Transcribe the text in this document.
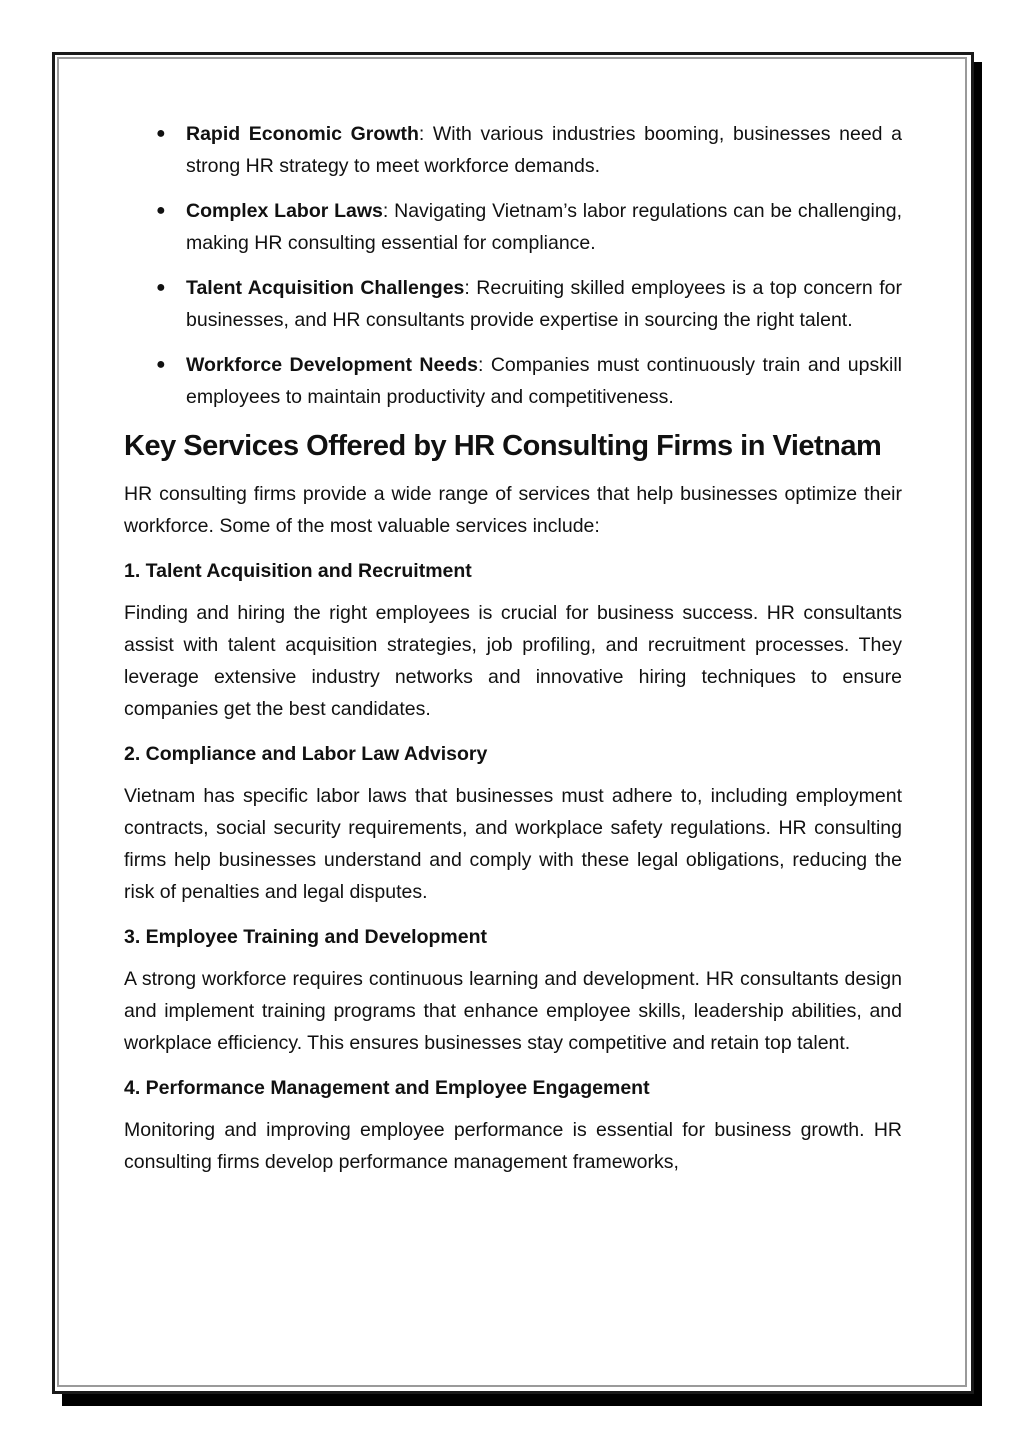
● Rapid Economic Growth: With various industries booming, businesses need a strong HR strategy to meet workforce demands.
● Complex Labor Laws: Navigating Vietnam’s labor regulations can be challenging, making HR consulting essential for compliance.
● Talent Acquisition Challenges: Recruiting skilled employees is a top concern for businesses, and HR consultants provide expertise in sourcing the right talent.
● Workforce Development Needs: Companies must continuously train and upskill employees to maintain productivity and competitiveness.
Key Services Offered by HR Consulting Firms in Vietnam

HR consulting firms provide a wide range of services that help businesses optimize their workforce. Some of the most valuable services include:

1. Talent Acquisition and Recruitment

Finding and hiring the right employees is crucial for business success. HR consultants assist with talent acquisition strategies, job profiling, and recruitment processes. They leverage extensive industry networks and innovative hiring techniques to ensure companies get the best candidates.

2. Compliance and Labor Law Advisory

Vietnam has specific labor laws that businesses must adhere to, including employment contracts, social security requirements, and workplace safety regulations. HR consulting firms help businesses understand and comply with these legal obligations, reducing the risk of penalties and legal disputes.

3. Employee Training and Development

A strong workforce requires continuous learning and development. HR consultants design and implement training programs that enhance employee skills, leadership abilities, and workplace efficiency. This ensures businesses stay competitive and retain top talent.

4. Performance Management and Employee Engagement

Monitoring and improving employee performance is essential for business growth. HR consulting firms develop performance management frameworks,
